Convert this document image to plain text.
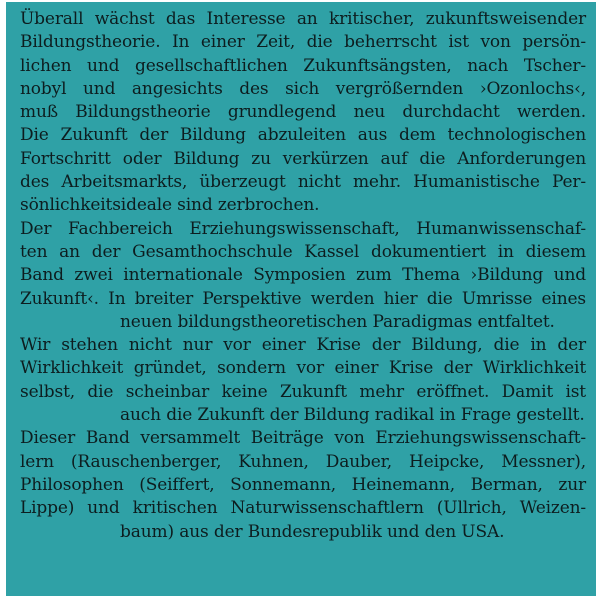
Überall wächst das Interesse an kritischer, zukunftsweisender
Bildungstheorie. In einer Zeit, die beherrscht ist von persön-
lichen und gesellschaftlichen Zukunftsängsten, nach Tscher-
nobyl und angesichts des sich vergrößernden ›Ozonlochs‹,
muß Bildungstheorie grundlegend neu durchdacht werden.
Die Zukunft der Bildung abzuleiten aus dem technologischen
Fortschritt oder Bildung zu verkürzen auf die Anforderungen
des Arbeitsmarkts, überzeugt nicht mehr. Humanistische Per-
sönlichkeitsideale sind zerbrochen.
Der Fachbereich Erziehungswissenschaft, Humanwissenschaf-
ten an der Gesamthochschule Kassel dokumentiert in diesem
Band zwei internationale Symposien zum Thema ›Bildung und
Zukunft‹. In breiter Perspektive werden hier die Umrisse eines
neuen bildungstheoretischen Paradigmas entfaltet.
Wir stehen nicht nur vor einer Krise der Bildung, die in der
Wirklichkeit gründet, sondern vor einer Krise der Wirklichkeit
selbst, die scheinbar keine Zukunft mehr eröffnet. Damit ist
auch die Zukunft der Bildung radikal in Frage gestellt.
Dieser Band versammelt Beiträge von Erziehungswissenschaft-
lern (Rauschenberger, Kuhnen, Dauber, Heipcke, Messner),
Philosophen (Seiffert, Sonnemann, Heinemann, Berman, zur
Lippe) und kritischen Naturwissenschaftlern (Ullrich, Weizen-
baum) aus der Bundesrepublik und den USA.
